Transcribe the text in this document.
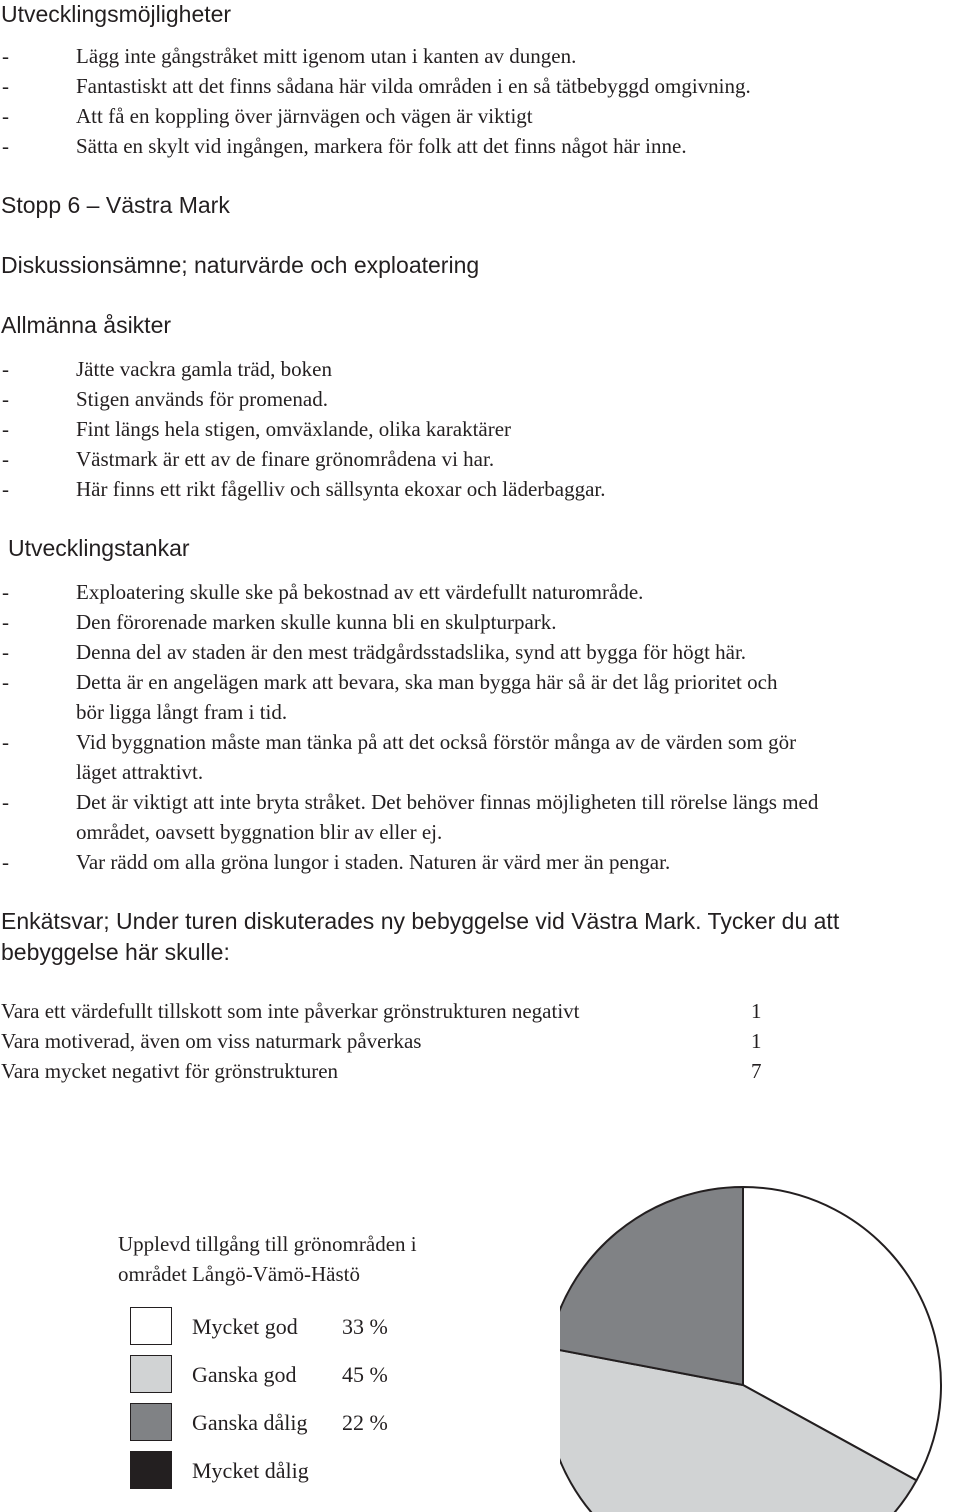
Utvecklingsmöjligheter
-	Lägg inte gångstråket mitt igenom utan i kanten av dungen.
-	Fantastiskt att det finns sådana här vilda områden i en så tätbebyggd omgivning.
-	Att få en koppling över järnvägen och vägen är viktigt
-	Sätta en skylt vid ingången, markera för folk att det finns något här inne.
Stopp 6 – Västra Mark
Diskussionsämne; naturvärde och exploatering
Allmänna åsikter
-	Jätte vackra gamla träd, boken
-	Stigen används för promenad.
-	Fint längs hela stigen, omväxlande, olika karaktärer
-	Västmark är ett av de finare grönområdena vi har.
-	Här finns ett rikt fågelliv och sällsynta ekoxar och läderbaggar.
Utvecklingstankar
-	Exploatering skulle ske på bekostnad av ett värdefullt naturområde.
-	Den förorenade marken skulle kunna bli en skulpturpark.
-	Denna del av staden är den mest trädgårdsstadslika, synd att bygga för högt här.
-	Detta är en angelägen mark att bevara, ska man bygga här så är det låg prioritet och
bör ligga långt fram i tid.
-	Vid byggnation måste man tänka på att det också förstör många av de värden som gör
läget attraktivt.
-	Det är viktigt att inte bryta stråket. Det behöver finnas möjligheten till rörelse längs med
området, oavsett byggnation blir av eller ej.
-	Var rädd om alla gröna lungor i staden. Naturen är värd mer än pengar.
Enkätsvar; Under turen diskuterades ny bebyggelse vid Västra Mark. Tycker du att
bebyggelse här skulle:
Vara ett värdefullt tillskott som inte påverkar grönstrukturen negativt	1
Vara motiverad, även om viss naturmark påverkas	1
Vara mycket negativt för grönstrukturen	7
Upplevd tillgång till grönområden i
området Långö-Vämö-Hästö
Mycket god 33 %
Ganska god 45 %
Ganska dålig 22 %
Mycket dålig
